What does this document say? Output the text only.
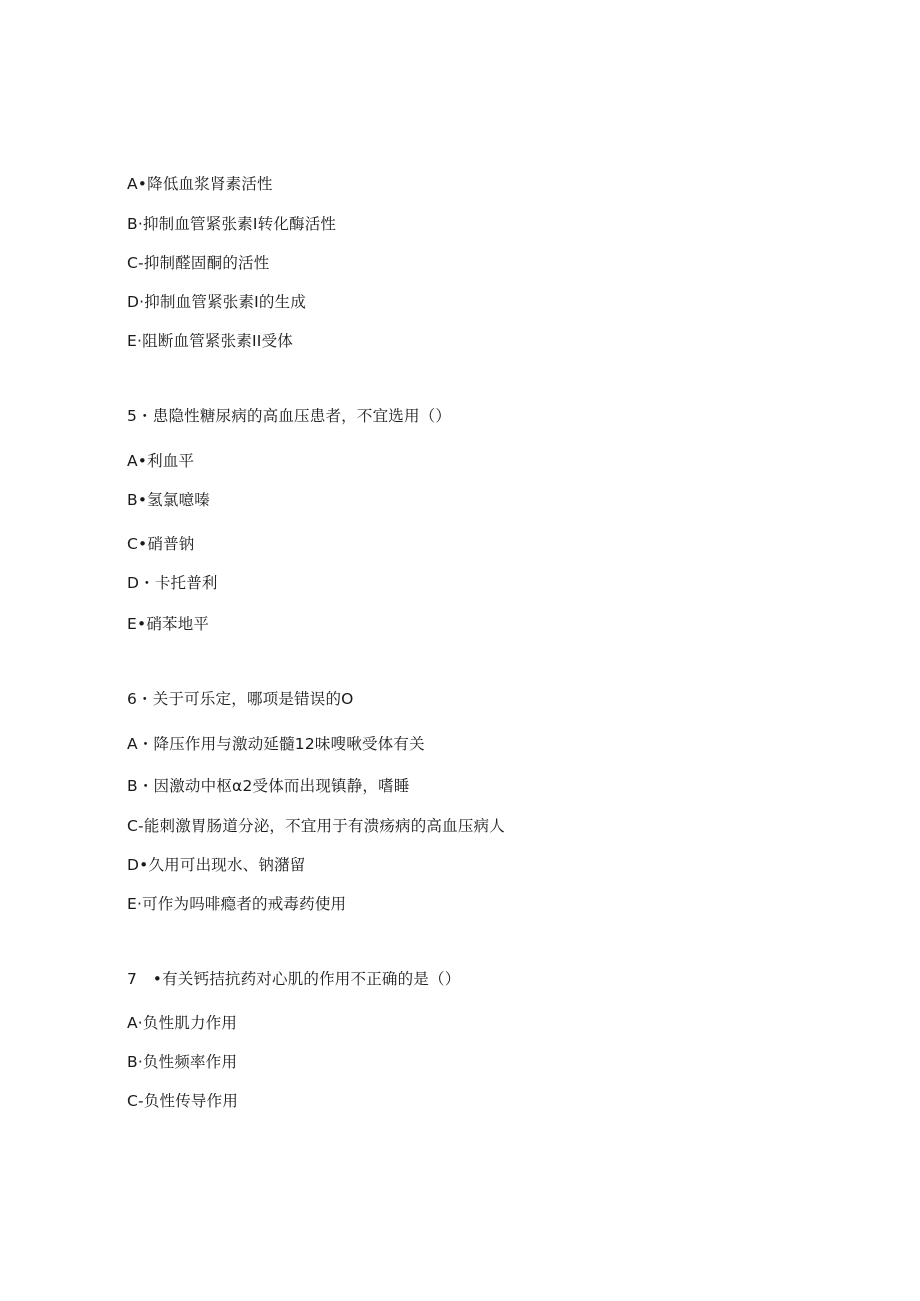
A•降低血浆肾素活性
B·抑制血管紧张素I转化酶活性
C-抑制醛固酮的活性
D·抑制血管紧张素I的生成
E·阻断血管紧张素II受体
5・患隐性糖尿病的高血压患者，不宜选用（）
A•利血平
B•氢氯噫嗪
C•硝普钠
D・卡托普利
E•硝苯地平
6・关于可乐定，哪项是错误的O
A・降压作用与激动延髓12味嗖啾受体有关
B・因激动中枢α2受体而出现镇静，嗜睡
C-能刺激胃肠道分泌，不宜用于有溃疡病的高血压病人
D•久用可出现水、钠潴留
E·可作为吗啡瘾者的戒毒药使用
7　•有关钙拮抗药对心肌的作用不正确的是（）
A·负性肌力作用
B·负性频率作用
C-负性传导作用
